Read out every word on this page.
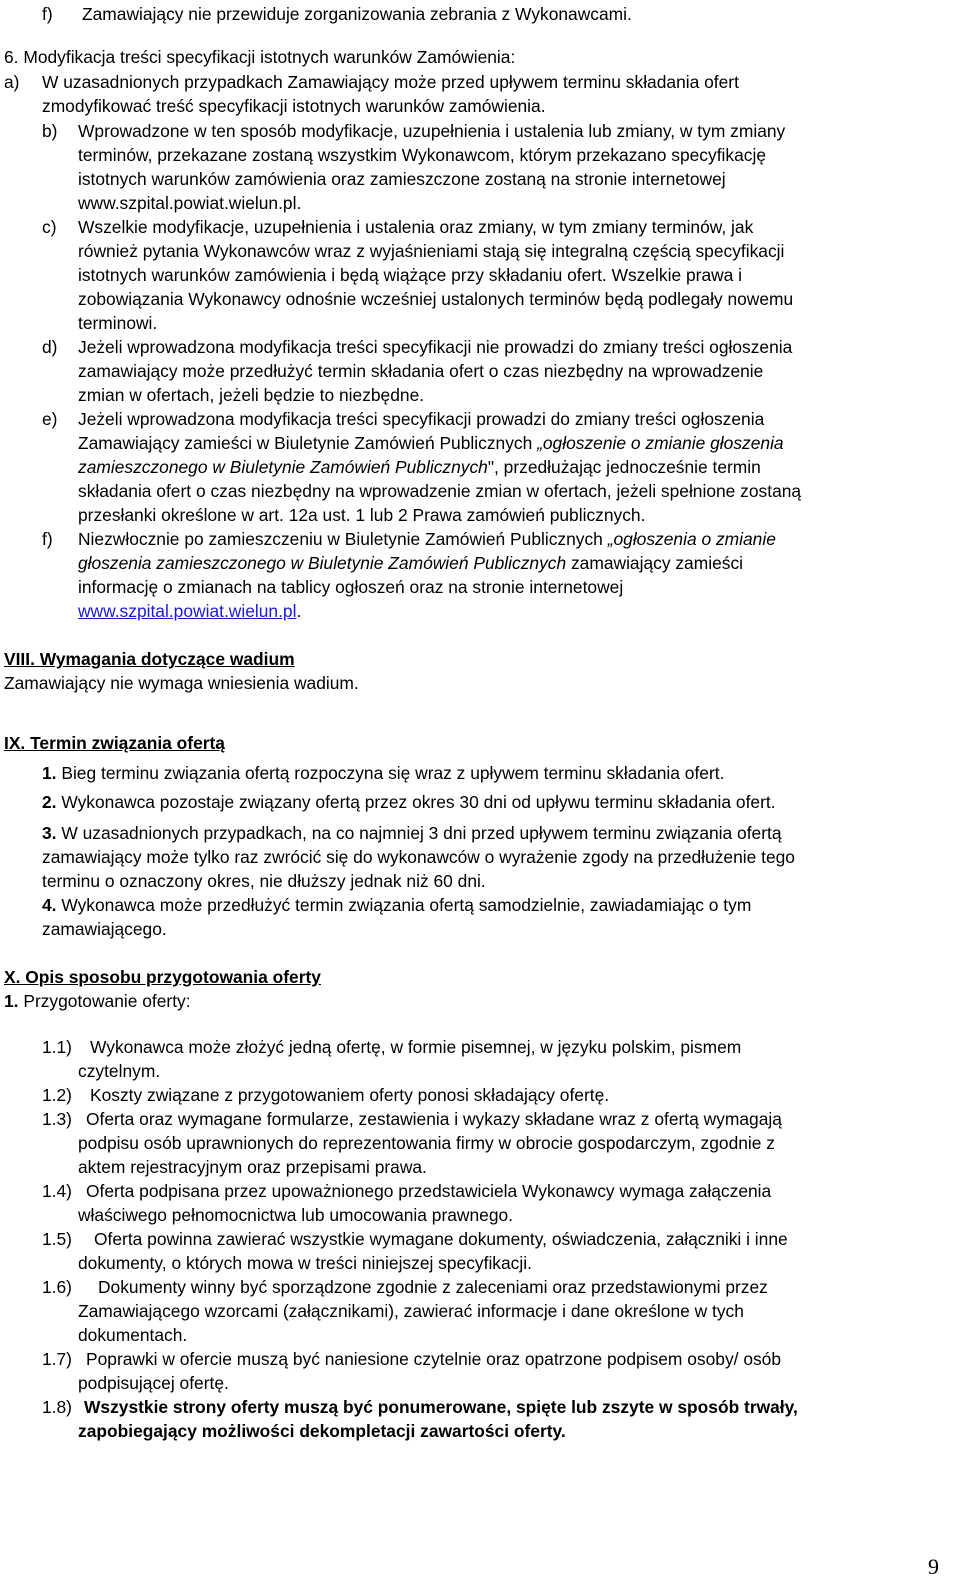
f) Zamawiający nie przewiduje zorganizowania zebrania z Wykonawcami.
6. Modyfikacja treści specyfikacji istotnych warunków Zamówienia:
a) W uzasadnionych przypadkach Zamawiający może przed upływem terminu składania ofert
zmodyfikować treść specyfikacji istotnych warunków zamówienia.
b) Wprowadzone w ten sposób modyfikacje, uzupełnienia i ustalenia lub zmiany, w tym zmiany
terminów, przekazane zostaną wszystkim Wykonawcom, którym przekazano specyfikację
istotnych warunków zamówienia oraz zamieszczone zostaną na stronie internetowej
www.szpital.powiat.wielun.pl.
c) Wszelkie modyfikacje, uzupełnienia i ustalenia oraz zmiany, w tym zmiany terminów, jak
również pytania Wykonawców wraz z wyjaśnieniami stają się integralną częścią specyfikacji
istotnych warunków zamówienia i będą wiążące przy składaniu ofert. Wszelkie prawa i
zobowiązania Wykonawcy odnośnie wcześniej ustalonych terminów będą podlegały nowemu
terminowi.
d) Jeżeli wprowadzona modyfikacja treści specyfikacji nie prowadzi do zmiany treści ogłoszenia
zamawiający może przedłużyć termin składania ofert o czas niezbędny na wprowadzenie
zmian w ofertach, jeżeli będzie to niezbędne.
e) Jeżeli wprowadzona modyfikacja treści specyfikacji prowadzi do zmiany treści ogłoszenia
Zamawiający zamieści w Biuletynie Zamówień Publicznych „ogłoszenie o zmianie głoszenia
zamieszczonego w Biuletynie Zamówień Publicznych", przedłużając jednocześnie termin
składania ofert o czas niezbędny na wprowadzenie zmian w ofertach, jeżeli spełnione zostaną
przesłanki określone w art. 12a ust. 1 lub 2 Prawa zamówień publicznych.
f) Niezwłocznie po zamieszczeniu w Biuletynie Zamówień Publicznych „ogłoszenia o zmianie
głoszenia zamieszczonego w Biuletynie Zamówień Publicznych zamawiający zamieści
informację o zmianach na tablicy ogłoszeń oraz na stronie internetowej
www.szpital.powiat.wielun.pl.
VIII. Wymagania dotyczące wadium
Zamawiający nie wymaga wniesienia wadium.
IX. Termin związania ofertą
1. Bieg terminu związania ofertą rozpoczyna się wraz z upływem terminu składania ofert.
2. Wykonawca pozostaje związany ofertą przez okres 30 dni od upływu terminu składania ofert.
3. W uzasadnionych przypadkach, na co najmniej 3 dni przed upływem terminu związania ofertą
zamawiający może tylko raz zwrócić się do wykonawców o wyrażenie zgody na przedłużenie tego
terminu o oznaczony okres, nie dłuższy jednak niż 60 dni.
4. Wykonawca może przedłużyć termin związania ofertą samodzielnie, zawiadamiając o tym
zamawiającego.
X. Opis sposobu przygotowania oferty
1. Przygotowanie oferty:
1.1) Wykonawca może złożyć jedną ofertę, w formie pisemnej, w języku polskim, pismem
czytelnym.
1.2) Koszty związane z przygotowaniem oferty ponosi składający ofertę.
1.3) Oferta oraz wymagane formularze, zestawienia i wykazy składane wraz z ofertą wymagają
podpisu osób uprawnionych do reprezentowania firmy w obrocie gospodarczym, zgodnie z
aktem rejestracyjnym oraz przepisami prawa.
1.4) Oferta podpisana przez upoważnionego przedstawiciela Wykonawcy wymaga załączenia
właściwego pełnomocnictwa lub umocowania prawnego.
1.5) Oferta powinna zawierać wszystkie wymagane dokumenty, oświadczenia, załączniki i inne
dokumenty, o których mowa w treści niniejszej specyfikacji.
1.6) Dokumenty winny być sporządzone zgodnie z zaleceniami oraz przedstawionymi przez
Zamawiającego wzorcami (załącznikami), zawierać informacje i dane określone w tych
dokumentach.
1.7) Poprawki w ofercie muszą być naniesione czytelnie oraz opatrzone podpisem osoby/ osób
podpisującej ofertę.
1.8) Wszystkie strony oferty muszą być ponumerowane, spięte lub zszyte w sposób trwały,
zapobiegający możliwości dekompletacji zawartości oferty.
9
